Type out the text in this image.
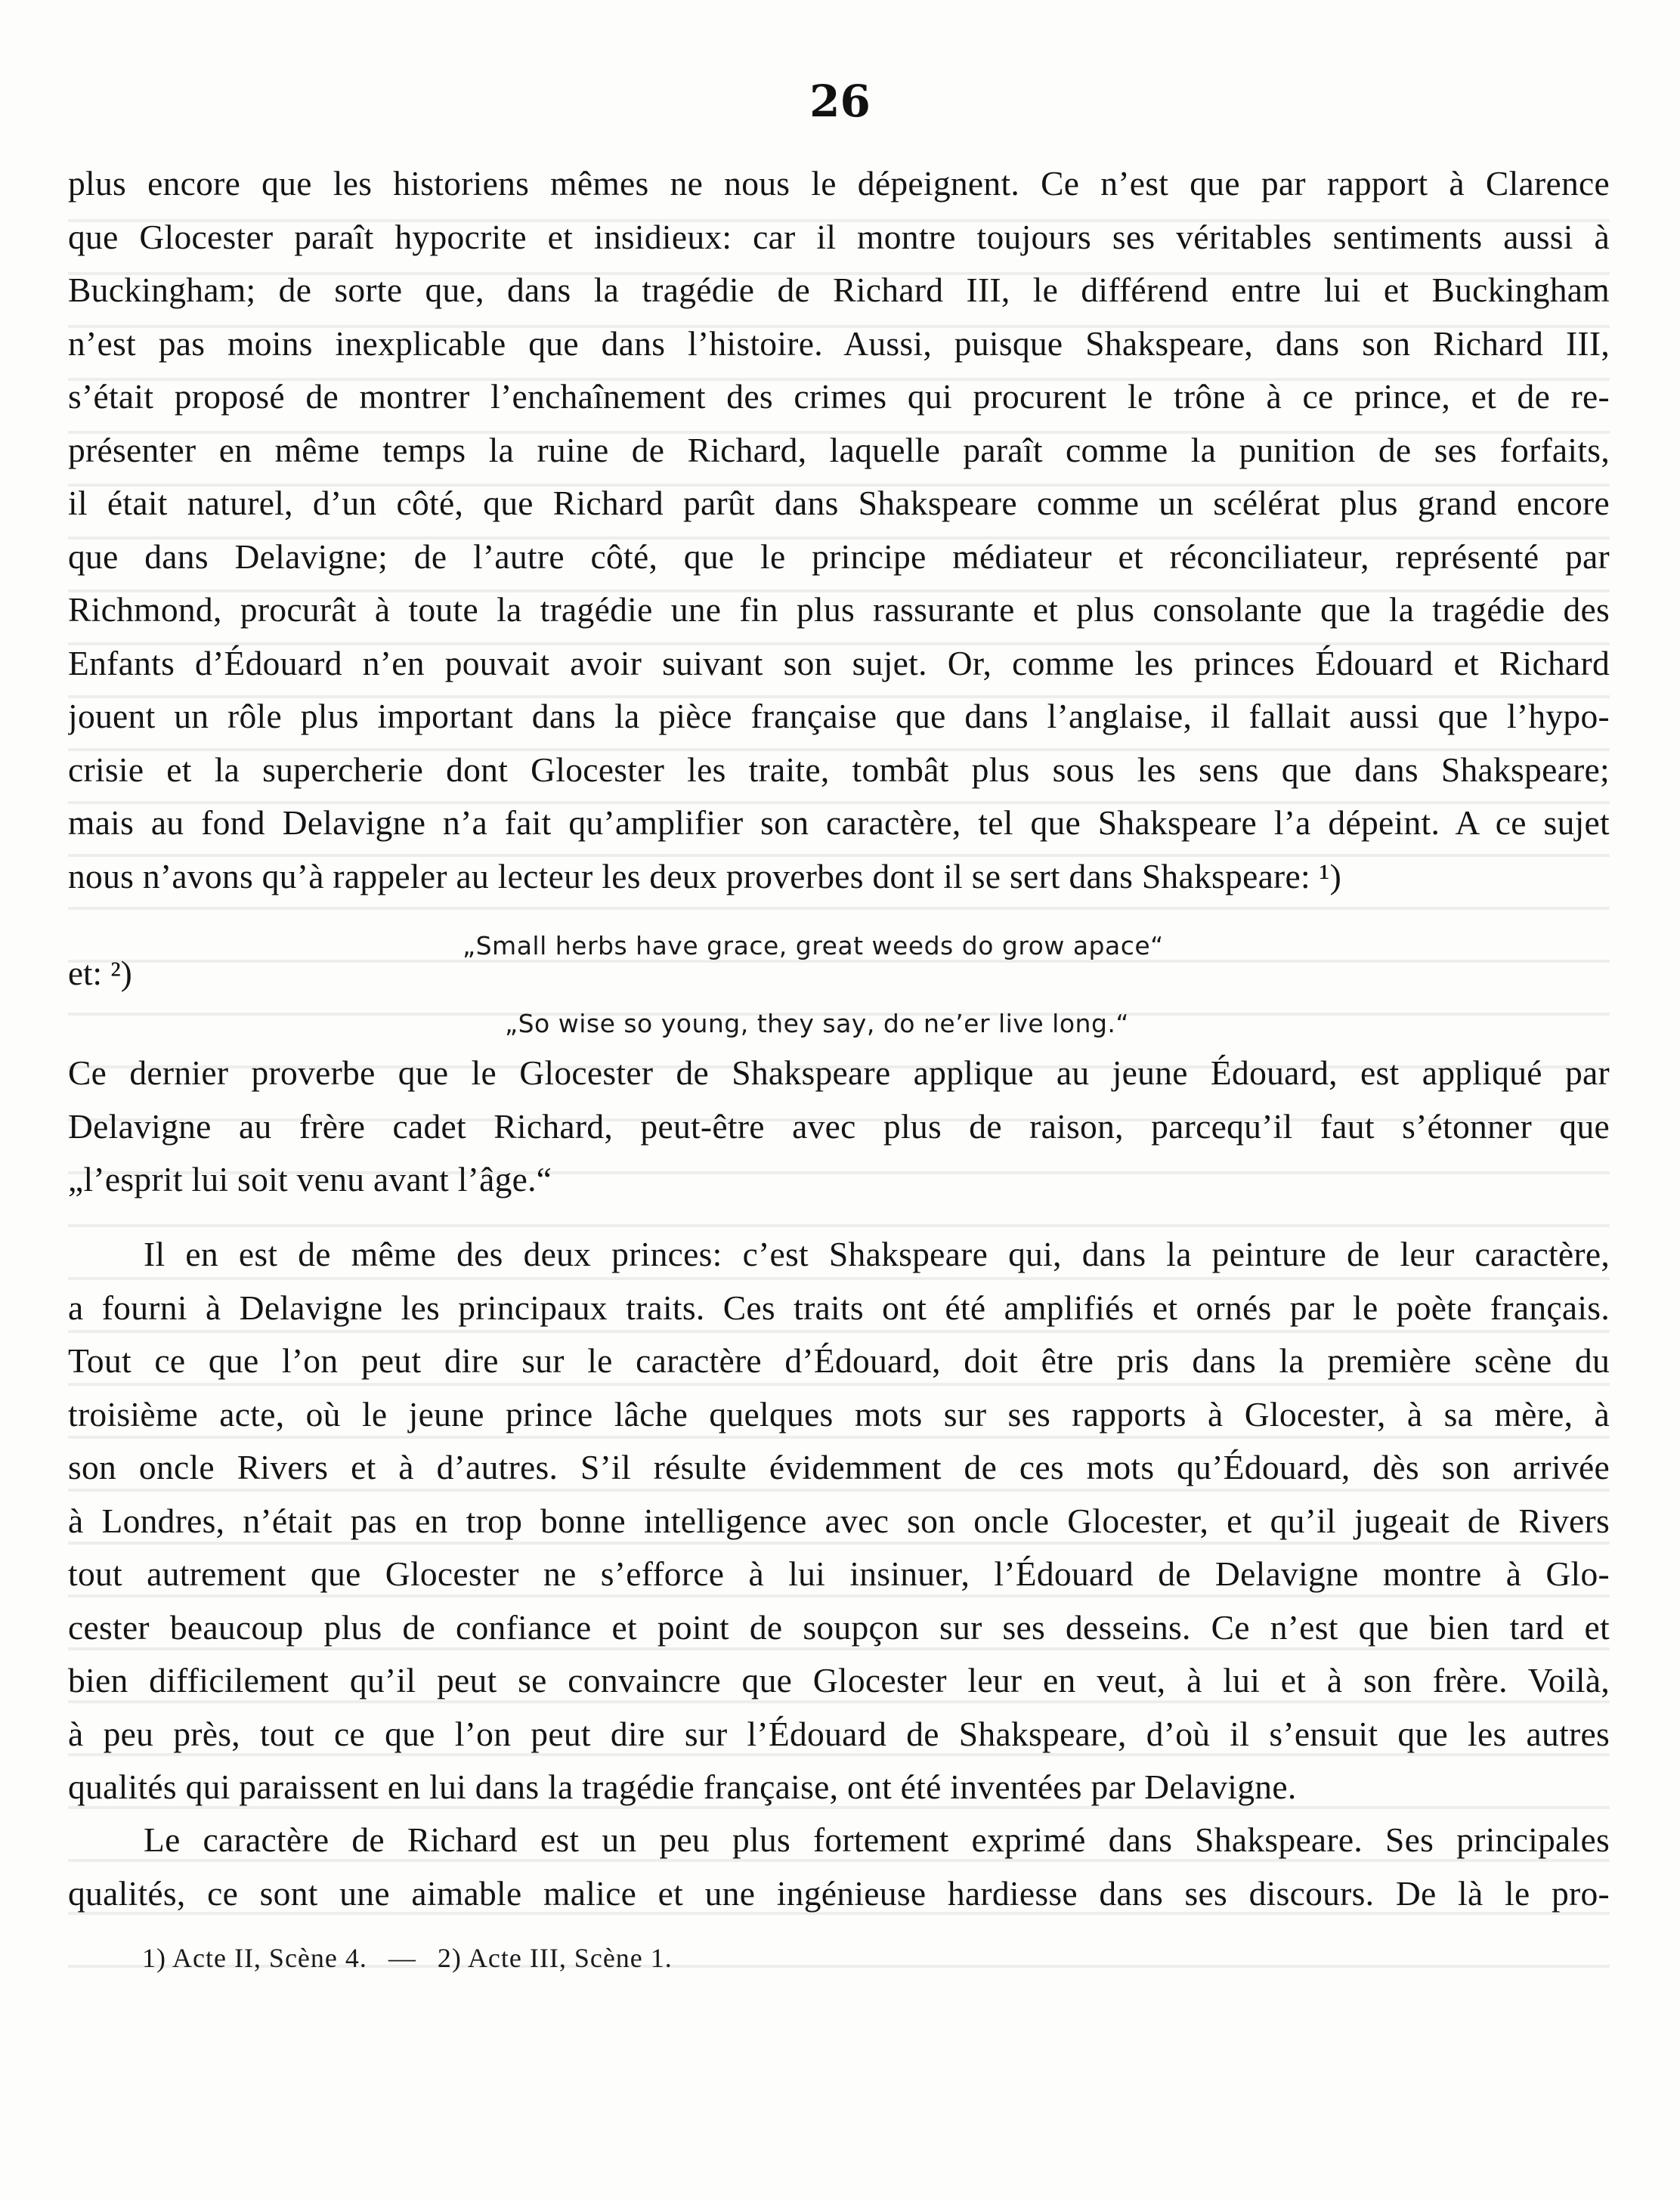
26
plus encore que les historiens mêmes ne nous le dépeignent. Ce n’est que par rapport à Clarence
que Glocester paraît hypocrite et insidieux: car il montre toujours ses véritables sentiments aussi à
Buckingham; de sorte que, dans la tragédie de Richard III, le différend entre lui et Buckingham
n’est pas moins inexplicable que dans l’histoire. Aussi, puisque Shakspeare, dans son Richard III,
s’était proposé de montrer l’enchaînement des crimes qui procurent le trône à ce prince, et de re-
présenter en même temps la ruine de Richard, laquelle paraît comme la punition de ses forfaits,
il était naturel, d’un côté, que Richard parût dans Shakspeare comme un scélérat plus grand encore
que dans Delavigne; de l’autre côté, que le principe médiateur et réconciliateur, représenté par
Richmond, procurât à toute la tragédie une fin plus rassurante et plus consolante que la tragédie des
Enfants d’Édouard n’en pouvait avoir suivant son sujet. Or, comme les princes Édouard et Richard
jouent un rôle plus important dans la pièce française que dans l’anglaise, il fallait aussi que l’hypo-
crisie et la supercherie dont Glocester les traite, tombât plus sous les sens que dans Shakspeare;
mais au fond Delavigne n’a fait qu’amplifier son caractère, tel que Shakspeare l’a dépeint. A ce sujet
nous n’avons qu’à rappeler au lecteur les deux proverbes dont il se sert dans Shakspeare: ¹)
„Small herbs have grace, great weeds do grow apace“
et: ²)
„So wise so young, they say, do ne’er live long.“
Ce dernier proverbe que le Glocester de Shakspeare applique au jeune Édouard, est appliqué par
Delavigne au frère cadet Richard, peut-être avec plus de raison, parcequ’il faut s’étonner que
„l’esprit lui soit venu avant l’âge.“
Il en est de même des deux princes: c’est Shakspeare qui, dans la peinture de leur caractère,
a fourni à Delavigne les principaux traits. Ces traits ont été amplifiés et ornés par le poète français.
Tout ce que l’on peut dire sur le caractère d’Édouard, doit être pris dans la première scène du
troisième acte, où le jeune prince lâche quelques mots sur ses rapports à Glocester, à sa mère, à
son oncle Rivers et à d’autres. S’il résulte évidemment de ces mots qu’Édouard, dès son arrivée
à Londres, n’était pas en trop bonne intelligence avec son oncle Glocester, et qu’il jugeait de Rivers
tout autrement que Glocester ne s’efforce à lui insinuer, l’Édouard de Delavigne montre à Glo-
cester beaucoup plus de confiance et point de soupçon sur ses desseins. Ce n’est que bien tard et
bien difficilement qu’il peut se convaincre que Glocester leur en veut, à lui et à son frère. Voilà,
à peu près, tout ce que l’on peut dire sur l’Édouard de Shakspeare, d’où il s’ensuit que les autres
qualités qui paraissent en lui dans la tragédie française, ont été inventées par Delavigne.
Le caractère de Richard est un peu plus fortement exprimé dans Shakspeare. Ses principales
qualités, ce sont une aimable malice et une ingénieuse hardiesse dans ses discours. De là le pro-
1) Acte II, Scène 4. — 2) Acte III, Scène 1.
